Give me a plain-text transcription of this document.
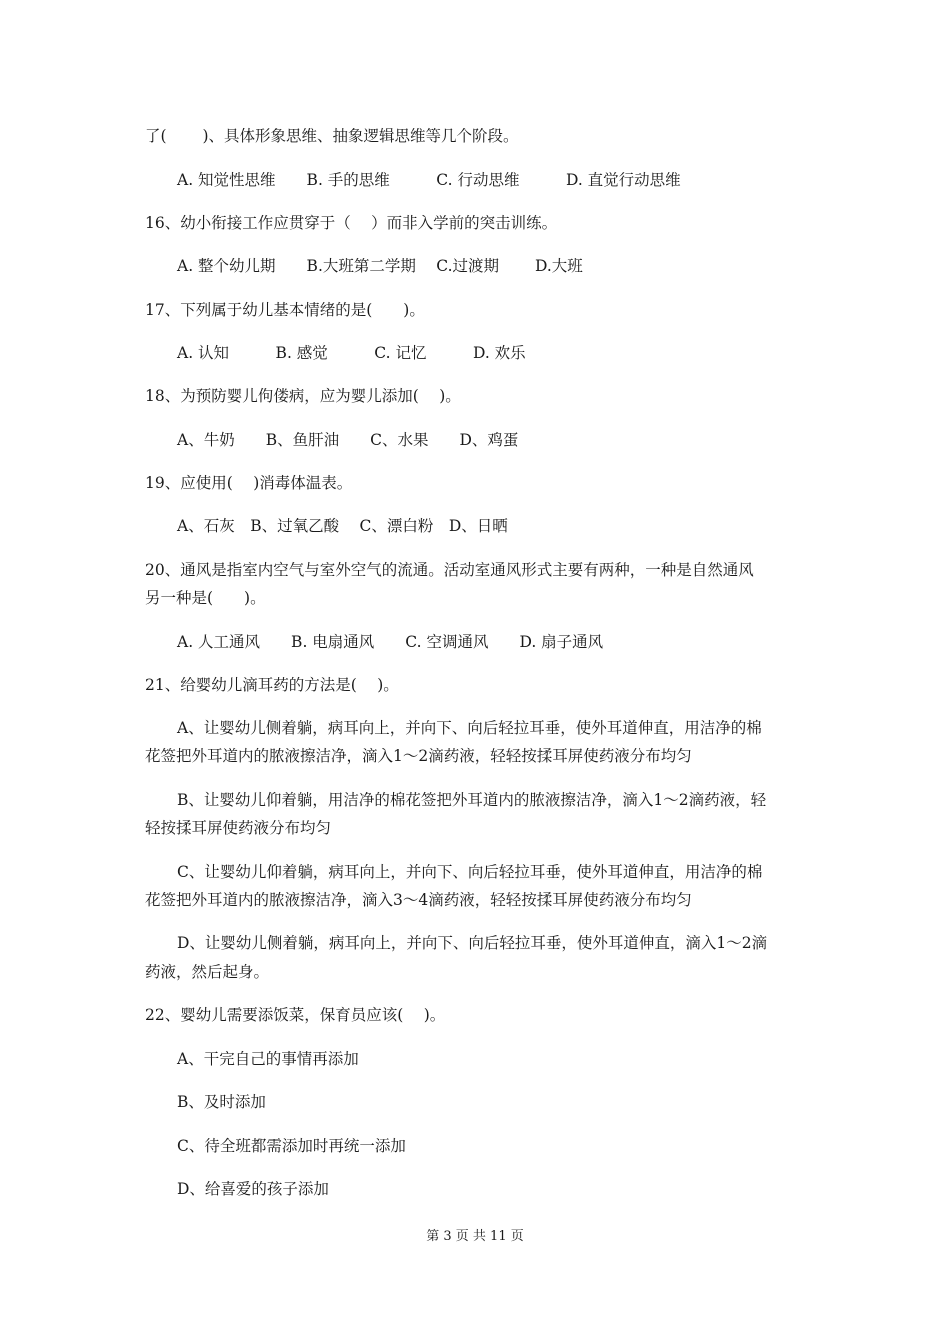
了(　　 )、具体形象思维、抽象逻辑思维等几个阶段。
A. 知觉性思维　　B. 手的思维　　　C. 行动思维　　　D. 直觉行动思维
16、幼小衔接工作应贯穿于（　 ）而非入学前的突击训练。
A. 整个幼儿期　　B.大班第二学期　 C.过渡期　　 D.大班
17、下列属于幼儿基本情绪的是(　　)。
A. 认知　　　B. 感觉　　　C. 记忆　　　D. 欢乐
18、为预防婴儿佝偻病，应为婴儿添加(　 )。
A、牛奶　　B、鱼肝油　　C、水果　　D、鸡蛋
19、应使用(　 )消毒体温表。
A、石灰　B、过氧乙酸　 C、漂白粉　D、日晒
20、通风是指室内空气与室外空气的流通。活动室通风形式主要有两种，一种是自然通风
另一种是(　　)。
A. 人工通风　　B. 电扇通风　　C. 空调通风　　D. 扇子通风
21、给婴幼儿滴耳药的方法是(　 )。
A、让婴幼儿侧着躺，病耳向上，并向下、向后轻拉耳垂，使外耳道伸直，用洁净的棉
花签把外耳道内的脓液擦洁净，滴入1～2滴药液，轻轻按揉耳屏使药液分布均匀
B、让婴幼儿仰着躺，用洁净的棉花签把外耳道内的脓液擦洁净，滴入1～2滴药液，轻
轻按揉耳屏使药液分布均匀
C、让婴幼儿仰着躺，病耳向上，并向下、向后轻拉耳垂，使外耳道伸直，用洁净的棉
花签把外耳道内的脓液擦洁净，滴入3～4滴药液，轻轻按揉耳屏使药液分布均匀
D、让婴幼儿侧着躺，病耳向上，并向下、向后轻拉耳垂，使外耳道伸直，滴入1～2滴
药液，然后起身。
22、婴幼儿需要添饭菜，保育员应该(　 )。
A、干完自己的事情再添加
B、及时添加
C、待全班都需添加时再统一添加
D、给喜爱的孩子添加
第 3 页 共 11 页
